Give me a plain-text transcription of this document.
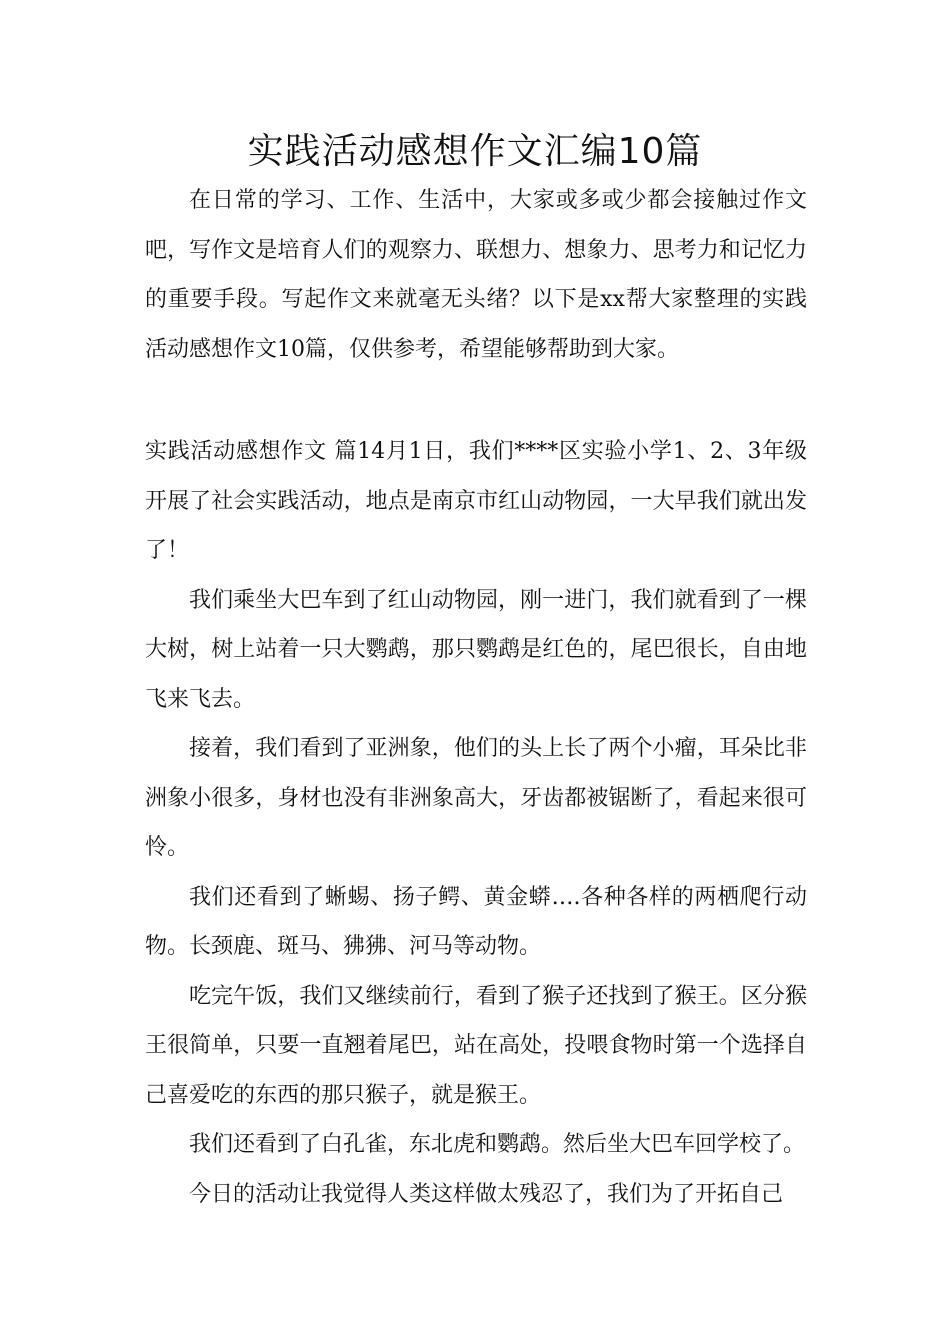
实践活动感想作文汇编10篇

在日常的学习、工作、生活中，大家或多或少都会接触过作文吧，写作文是培育人们的观察力、联想力、想象力、思考力和记忆力的重要手段。写起作文来就毫无头绪？以下是xx帮大家整理的实践活动感想作文10篇，仅供参考，希望能够帮助到大家。

实践活动感想作文 篇14月1日，我们****区实验小学1、2、3年级开展了社会实践活动，地点是南京市红山动物园，一大早我们就出发了！

我们乘坐大巴车到了红山动物园，刚一进门，我们就看到了一棵大树，树上站着一只大鹦鹉，那只鹦鹉是红色的，尾巴很长，自由地飞来飞去。

接着，我们看到了亚洲象，他们的头上长了两个小瘤，耳朵比非洲象小很多，身材也没有非洲象高大，牙齿都被锯断了，看起来很可怜。

我们还看到了蜥蜴、扬子鳄、黄金蟒….各种各样的两栖爬行动物。长颈鹿、斑马、狒狒、河马等动物。

吃完午饭，我们又继续前行，看到了猴子还找到了猴王。区分猴王很简单，只要一直翘着尾巴，站在高处，投喂食物时第一个选择自己喜爱吃的东西的那只猴子，就是猴王。

我们还看到了白孔雀，东北虎和鹦鹉。然后坐大巴车回学校了。

今日的活动让我觉得人类这样做太残忍了，我们为了开拓自己
